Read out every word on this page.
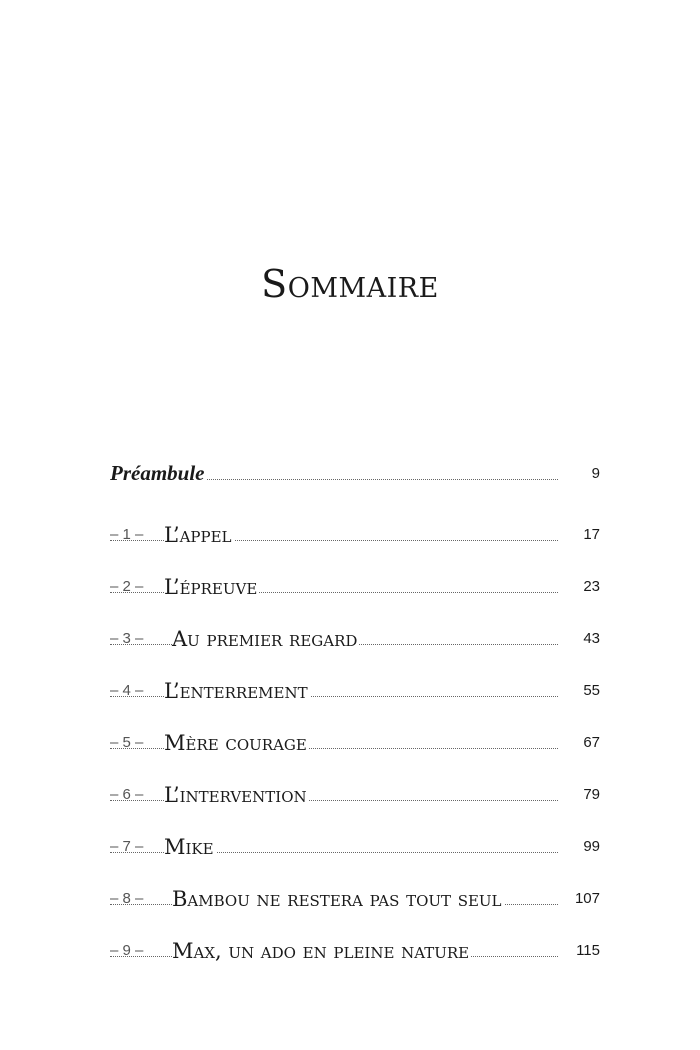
Sommaire
Préambule	9
– 1 – L’appel	17
– 2 – L’épreuve	23
– 3 – Au premier regard	43
– 4 – L’enterrement	55
– 5 – Mère courage	67
– 6 – L’intervention	79
– 7 – Mike	99
– 8 – Bambou ne restera pas tout seul	107
– 9 – Max, un ado en pleine nature	115
